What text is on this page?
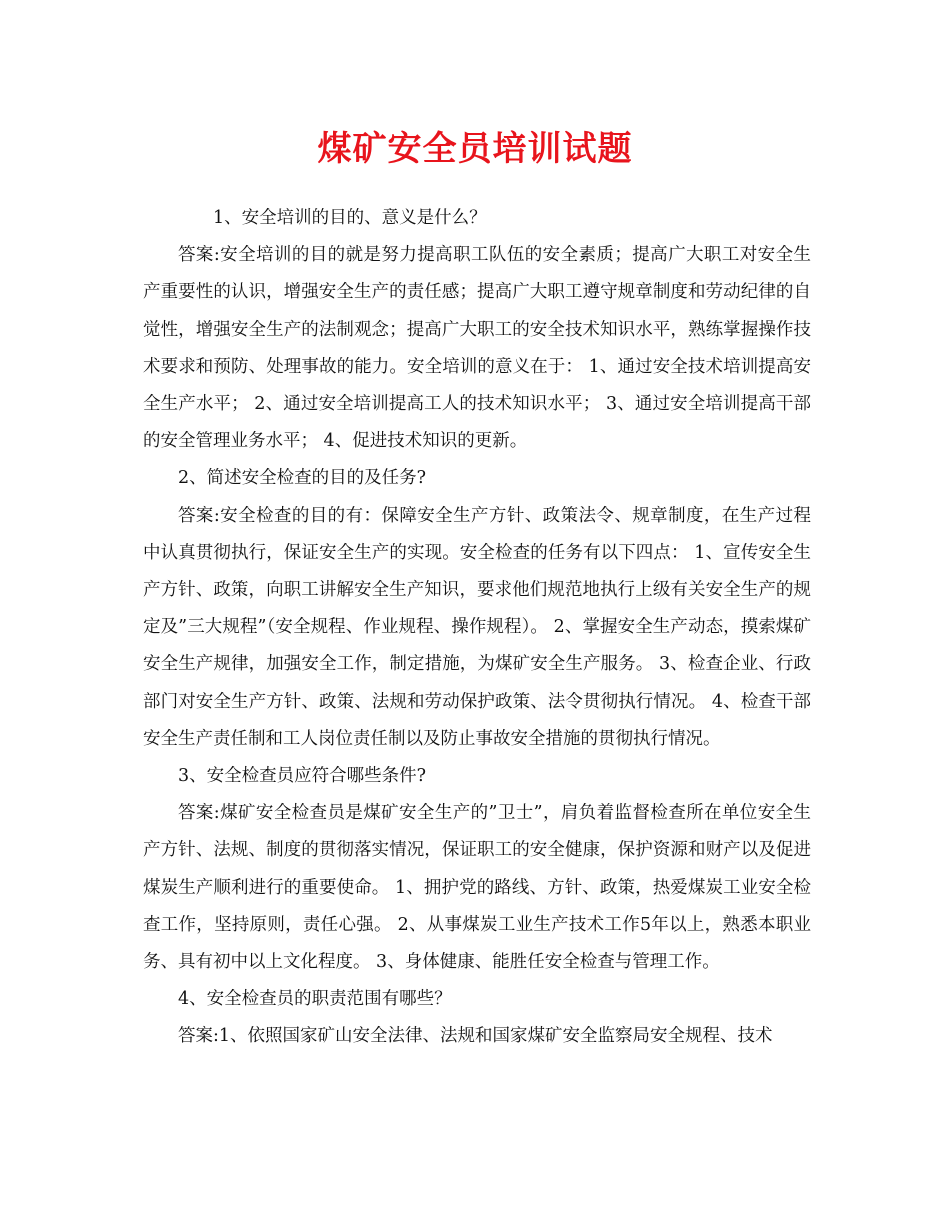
煤矿安全员培训试题

1、安全培训的目的、意义是什么？

答案:安全培训的目的就是努力提高职工队伍的安全素质；提高广大职工对安全生产重要性的认识，增强安全生产的责任感；提高广大职工遵守规章制度和劳动纪律的自觉性，增强安全生产的法制观念；提高广大职工的安全技术知识水平，熟练掌握操作技术要求和预防、处理事故的能力。安全培训的意义在于： 1、通过安全技术培训提高安全生产水平； 2、通过安全培训提高工人的技术知识水平； 3、通过安全培训提高干部的安全管理业务水平； 4、促进技术知识的更新。

2、简述安全检查的目的及任务?

答案:安全检查的目的有：保障安全生产方针、政策法令、规章制度，在生产过程中认真贯彻执行，保证安全生产的实现。安全检查的任务有以下四点： 1、宣传安全生产方针、政策，向职工讲解安全生产知识，要求他们规范地执行上级有关安全生产的规定及”三大规程”（安全规程、作业规程、操作规程）。 2、掌握安全生产动态，摸索煤矿安全生产规律，加强安全工作，制定措施，为煤矿安全生产服务。 3、检查企业、行政部门对安全生产方针、政策、法规和劳动保护政策、法令贯彻执行情况。 4、检查干部安全生产责任制和工人岗位责任制以及防止事故安全措施的贯彻执行情况。

3、安全检查员应符合哪些条件?

答案:煤矿安全检查员是煤矿安全生产的”卫士”，肩负着监督检查所在单位安全生产方针、法规、制度的贯彻落实情况，保证职工的安全健康，保护资源和财产以及促进煤炭生产顺利进行的重要使命。 1、拥护党的路线、方针、政策，热爱煤炭工业安全检查工作，坚持原则，责任心强。 2、从事煤炭工业生产技术工作5年以上，熟悉本职业务、具有初中以上文化程度。 3、身体健康、能胜任安全检查与管理工作。

4、安全检查员的职责范围有哪些？

答案:1、依照国家矿山安全法律、法规和国家煤矿安全监察局安全规程、技术
